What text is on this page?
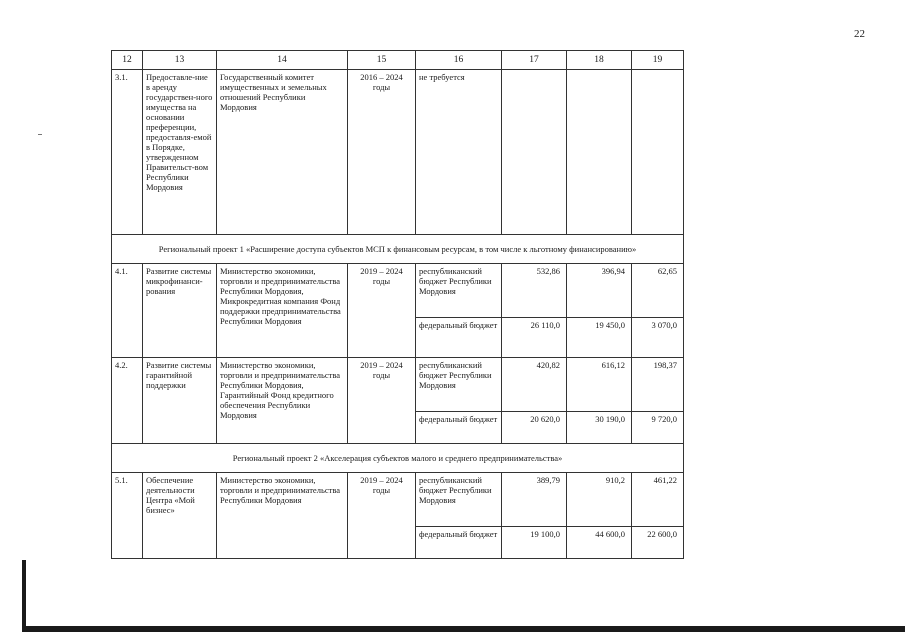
22
12	13	14	15	16	17	18	19
3.1.	Предоставле-ние в аренду государствен-ного имущества на основании преференции, предоставля-емой в Порядке, утвержденном Правительст-вом Республики Мордовия	Государственный комитет имущественных и земельных отношений Республики Мордовия	2016 – 2024 годы	не требуется			
Региональный проект 1 «Расширение доступа субъектов МСП к финансовым ресурсам, в том числе к льготному финансированию»							
4.1.	Развитие системы микрофинанси-рования	Министерство экономики, торговли и предпринимательства Республики Мордовия, Микрокредитная компания Фонд поддержки предпринимательства Республики Мордовия	2019 – 2024 годы	республиканский бюджет Республики Мордовия	532,86	396,94	62,65
				федеральный бюджет	26 110,0	19 450,0	3 070,0
4.2.	Развитие системы гарантийной поддержки	Министерство экономики, торговли и предпринимательства Республики Мордовия, Гарантийный Фонд кредитного обеспечения Республики Мордовия	2019 – 2024 годы	республиканский бюджет Республики Мордовия	420,82	616,12	198,37
				федеральный бюджет	20 620,0	30 190,0	9 720,0
Региональный проект 2 «Акселерация субъектов малого и среднего предпринимательства»							
5.1.	Обеспечение деятельности Центра «Мой бизнес»	Министерство экономики, торговли и предпринимательства Республики Мордовия	2019 – 2024 годы	республиканский бюджет Республики Мордовия	389,79	910,2	461,22
				федеральный бюджет	19 100,0	44 600,0	22 600,0
